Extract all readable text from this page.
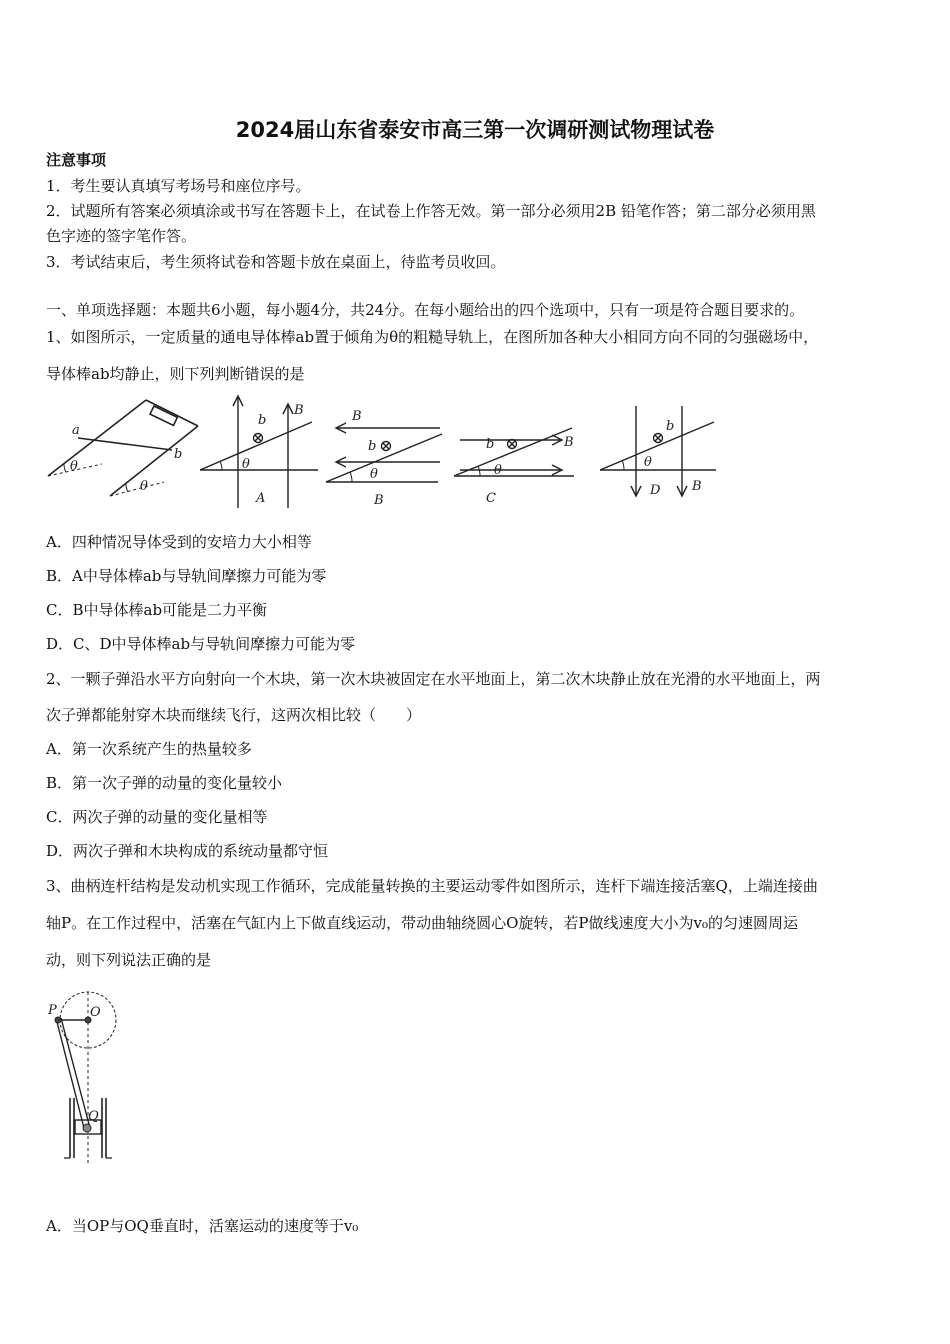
2024届山东省泰安市高三第一次调研测试物理试卷
注意事项
1．考生要认真填写考场号和座位序号。
2．试题所有答案必须填涂或书写在答题卡上，在试卷上作答无效。第一部分必须用2B 铅笔作答；第二部分必须用黑
色字迹的签字笔作答。
3．考试结束后，考生须将试卷和答题卡放在桌面上，待监考员收回。
一、单项选择题：本题共6小题，每小题4分，共24分。在每小题给出的四个选项中，只有一项是符合题目要求的。
1、如图所示，一定质量的通电导体棒ab置于倾角为θ的粗糙导轨上，在图所加各种大小相同方向不同的匀强磁场中，
导体棒ab均静止，则下列判断错误的是
a
b
θ
θ
b
B
θ
A
B
b
θ
B
b	B
θ
C
b
θ
D B
A．四种情况导体受到的安培力大小相等
B．A中导体棒ab与导轨间摩擦力可能为零
C．B中导体棒ab可能是二力平衡
D．C、D中导体棒ab与导轨间摩擦力可能为零
2、一颗子弹沿水平方向射向一个木块，第一次木块被固定在水平地面上，第二次木块静止放在光滑的水平地面上，两
次子弹都能射穿木块而继续飞行，这两次相比较（　　）
A．第一次系统产生的热量较多
B．第一次子弹的动量的变化量较小
C．两次子弹的动量的变化量相等
D．两次子弹和木块构成的系统动量都守恒
3、曲柄连杆结构是发动机实现工作循环，完成能量转换的主要运动零件如图所示，连杆下端连接活塞Q，上端连接曲
轴P。在工作过程中，活塞在气缸内上下做直线运动，带动曲轴绕圆心O旋转，若P做线速度大小为v₀的匀速圆周运
动，则下列说法正确的是
P	O
Q
A．当OP与OQ垂直时，活塞运动的速度等于v₀
